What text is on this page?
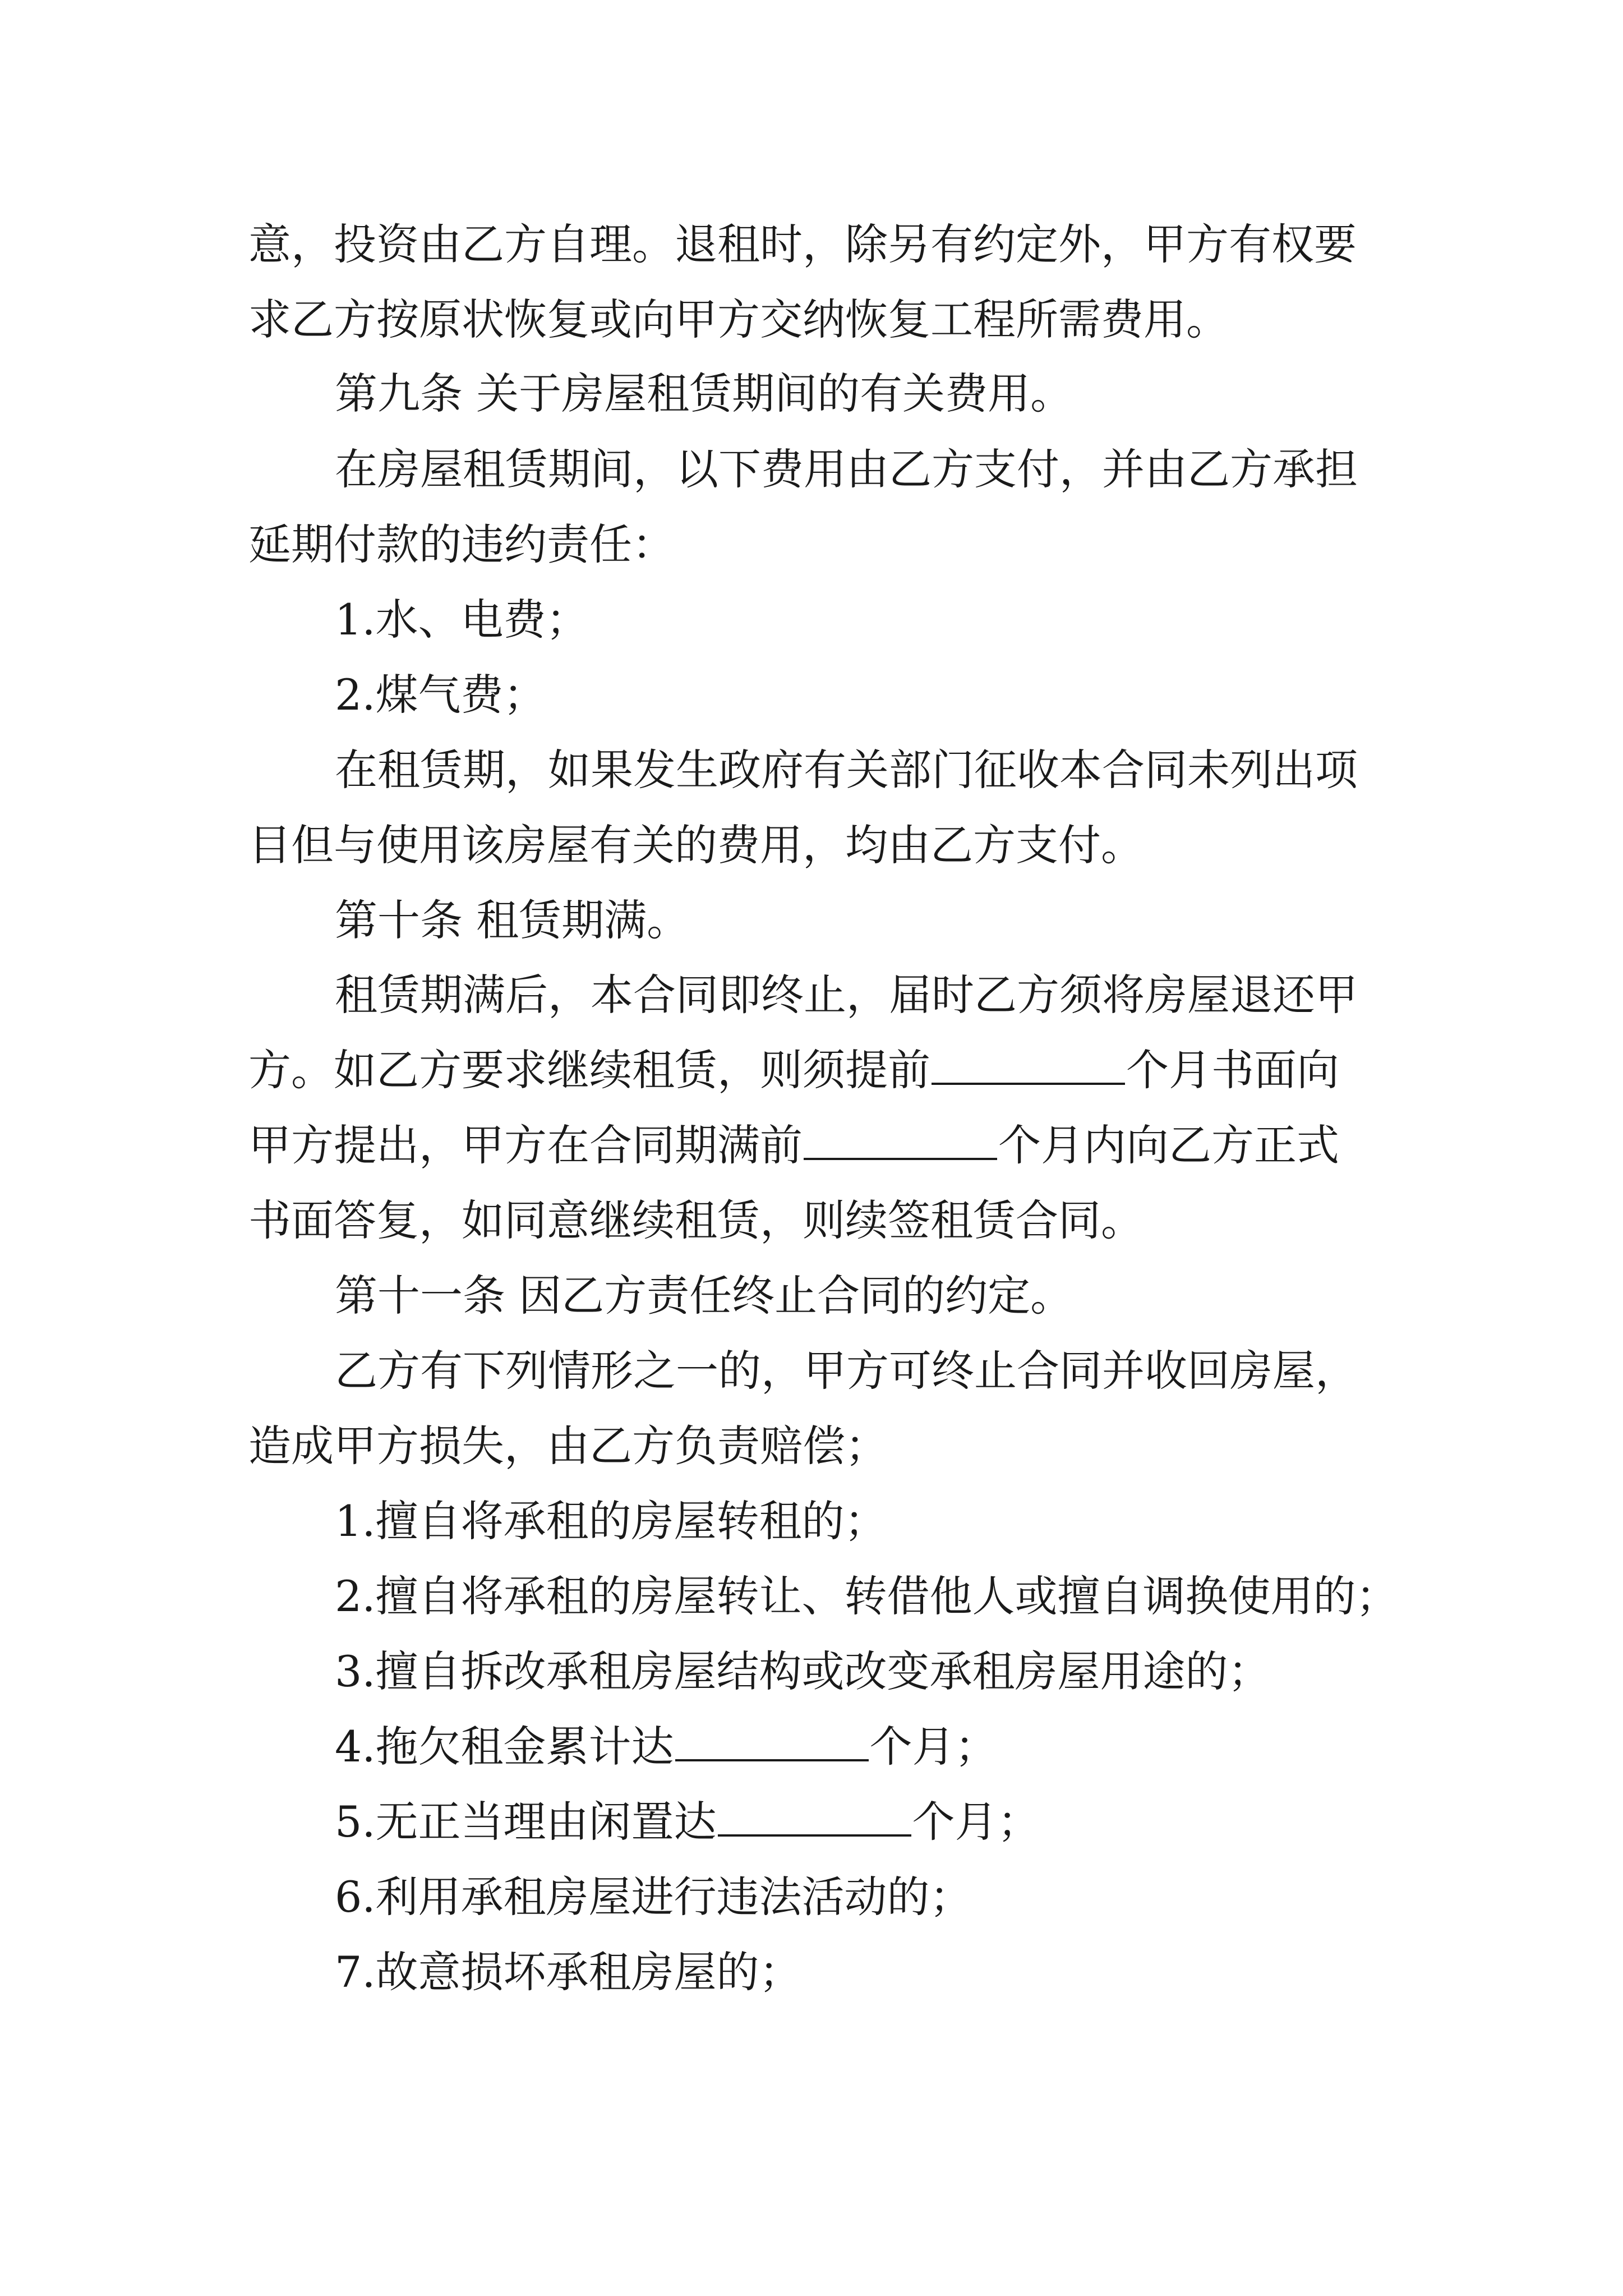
意，投资由乙方自理。退租时，除另有约定外，甲方有权要

求乙方按原状恢复或向甲方交纳恢复工程所需费用。

第九条 关于房屋租赁期间的有关费用。

在房屋租赁期间，以下费用由乙方支付，并由乙方承担

延期付款的违约责任：

1.水、电费；

2.煤气费；

在租赁期，如果发生政府有关部门征收本合同未列出项

目但与使用该房屋有关的费用，均由乙方支付。

第十条 租赁期满。

租赁期满后，本合同即终止，届时乙方须将房屋退还甲

方。如乙方要求继续租赁，则须提前	个月书面向

甲方提出，甲方在合同期满前	个月内向乙方正式

书面答复，如同意继续租赁，则续签租赁合同。

第十一条 因乙方责任终止合同的约定。

乙方有下列情形之一的，甲方可终止合同并收回房屋，

造成甲方损失，由乙方负责赔偿；

1.擅自将承租的房屋转租的；

2.擅自将承租的房屋转让、转借他人或擅自调换使用的；

3.擅自拆改承租房屋结构或改变承租房屋用途的；

4.拖欠租金累计达	个月；

5.无正当理由闲置达	个月；

6.利用承租房屋进行违法活动的；

7.故意损坏承租房屋的；
